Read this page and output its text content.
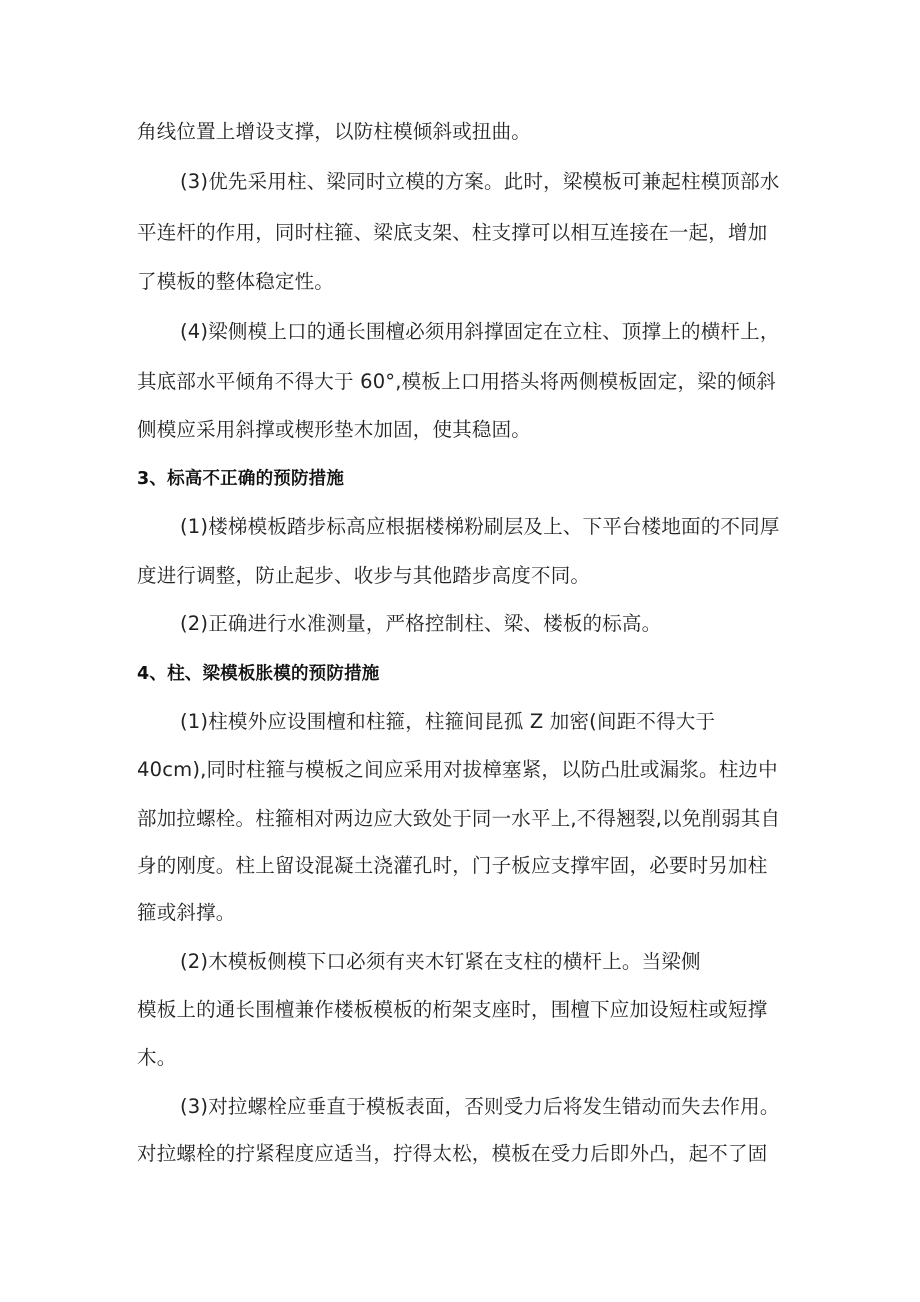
角线位置上增设支撑，以防柱模倾斜或扭曲。
(3)优先采用柱、梁同时立模的方案。此时，梁模板可兼起柱模顶部水
平连杆的作用，同时柱箍、梁底支架、柱支撑可以相互连接在一起，增加
了模板的整体稳定性。
(4)梁侧模上口的通长围檀必须用斜撑固定在立柱、顶撑上的横杆上，
其底部水平倾角不得大于 60°,模板上口用搭头将两侧模板固定，梁的倾斜
侧模应采用斜撑或楔形垫木加固，使其稳固。
3、标高不正确的预防措施
(1)楼梯模板踏步标高应根据楼梯粉刷层及上、下平台楼地面的不同厚
度进行调整，防止起步、收步与其他踏步高度不同。
(2)正确进行水准测量，严格控制柱、梁、楼板的标高。
4、柱、梁模板胀模的预防措施
(1)柱模外应设围檀和柱箍，柱箍间昆孤 Z 加密(间距不得大于
40cm),同时柱箍与模板之间应采用对拔樟塞紧，以防凸肚或漏浆。柱边中
部加拉螺栓。柱箍相对两边应大致处于同一水平上,不得翘裂,以免削弱其自
身的刚度。柱上留设混凝土浇灌孔时，门子板应支撑牢固，必要时另加柱
箍或斜撑。
(2)木模板侧模下口必须有夹木钉紧在支柱的横杆上。当梁侧
模板上的通长围檀兼作楼板模板的桁架支座时，围檀下应加设短柱或短撑
木。
(3)对拉螺栓应垂直于模板表面，否则受力后将发生错动而失去作用。
对拉螺栓的拧紧程度应适当，拧得太松，模板在受力后即外凸，起不了固
